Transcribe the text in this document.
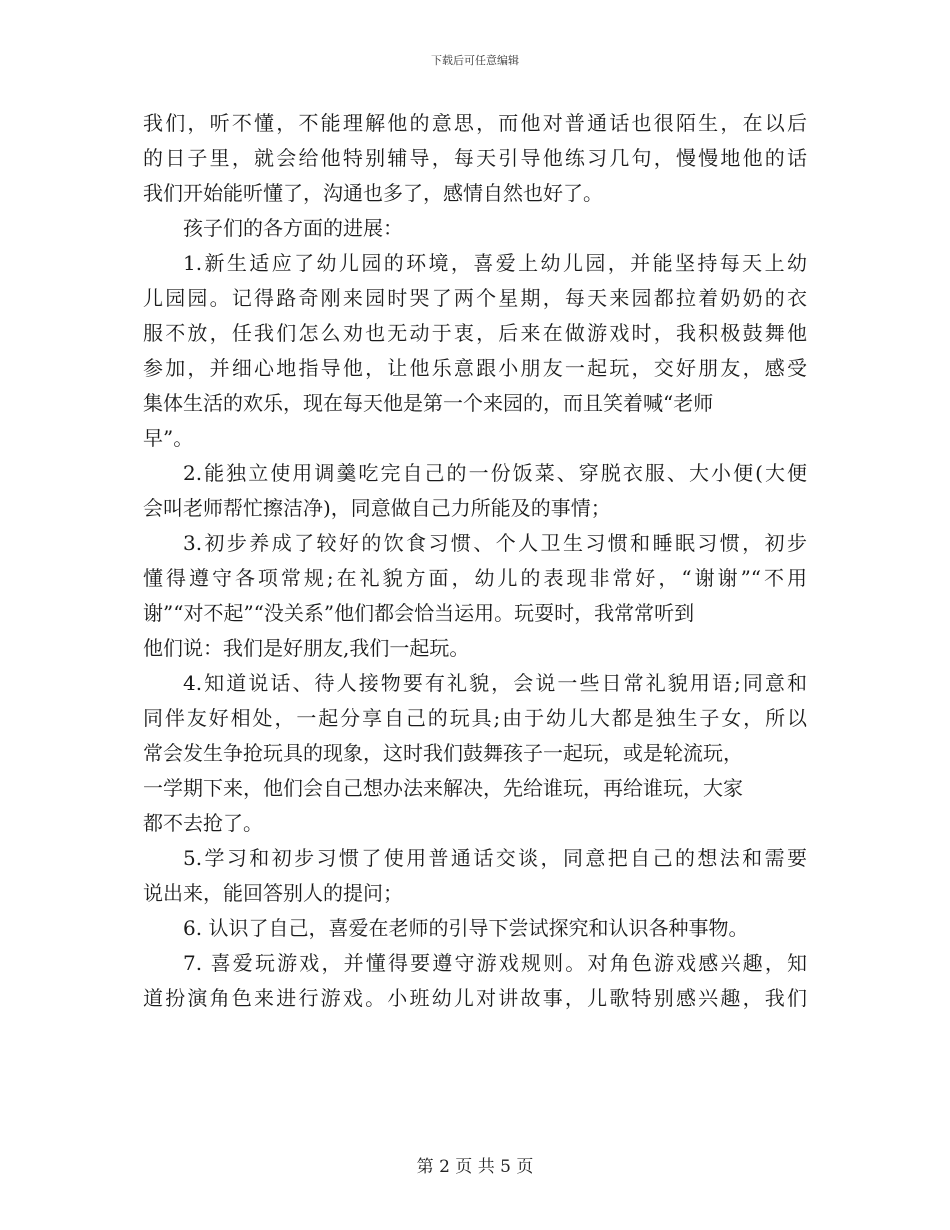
下载后可任意编辑
我们，听不懂，不能理解他的意思，而他对普通话也很陌生，在以后
的日子里，就会给他特别辅导，每天引导他练习几句，慢慢地他的话
我们开始能听懂了，沟通也多了，感情自然也好了。
孩子们的各方面的进展：
1.新生适应了幼儿园的环境，喜爱上幼儿园，并能坚持每天上幼
儿园园。记得路奇刚来园时哭了两个星期，每天来园都拉着奶奶的衣
服不放，任我们怎么劝也无动于衷，后来在做游戏时，我积极鼓舞他
参加，并细心地指导他，让他乐意跟小朋友一起玩，交好朋友，感受
集体生活的欢乐，现在每天他是第一个来园的，而且笑着喊“老师
早”。
2.能独立使用调羹吃完自己的一份饭菜、穿脱衣服、大小便(大便
会叫老师帮忙擦洁净)，同意做自己力所能及的事情；
3.初步养成了较好的饮食习惯、个人卫生习惯和睡眠习惯，初步
懂得遵守各项常规;在礼貌方面，幼儿的表现非常好，“谢谢”“不用
谢”“对不起”“没关系”他们都会恰当运用。玩耍时，我常常听到
他们说：我们是好朋友,我们一起玩。
4.知道说话、待人接物要有礼貌，会说一些日常礼貌用语;同意和
同伴友好相处，一起分享自己的玩具;由于幼儿大都是独生子女，所以
常会发生争抢玩具的现象，这时我们鼓舞孩子一起玩，或是轮流玩，
一学期下来，他们会自己想办法来解决，先给谁玩，再给谁玩，大家
都不去抢了。
5.学习和初步习惯了使用普通话交谈，同意把自己的想法和需要
说出来，能回答别人的提问；
6. 认识了自己，喜爱在老师的引导下尝试探究和认识各种事物。
7. 喜爱玩游戏，并懂得要遵守游戏规则。对角色游戏感兴趣，知
道扮演角色来进行游戏。小班幼儿对讲故事，儿歌特别感兴趣，我们
第 2 页 共 5 页
